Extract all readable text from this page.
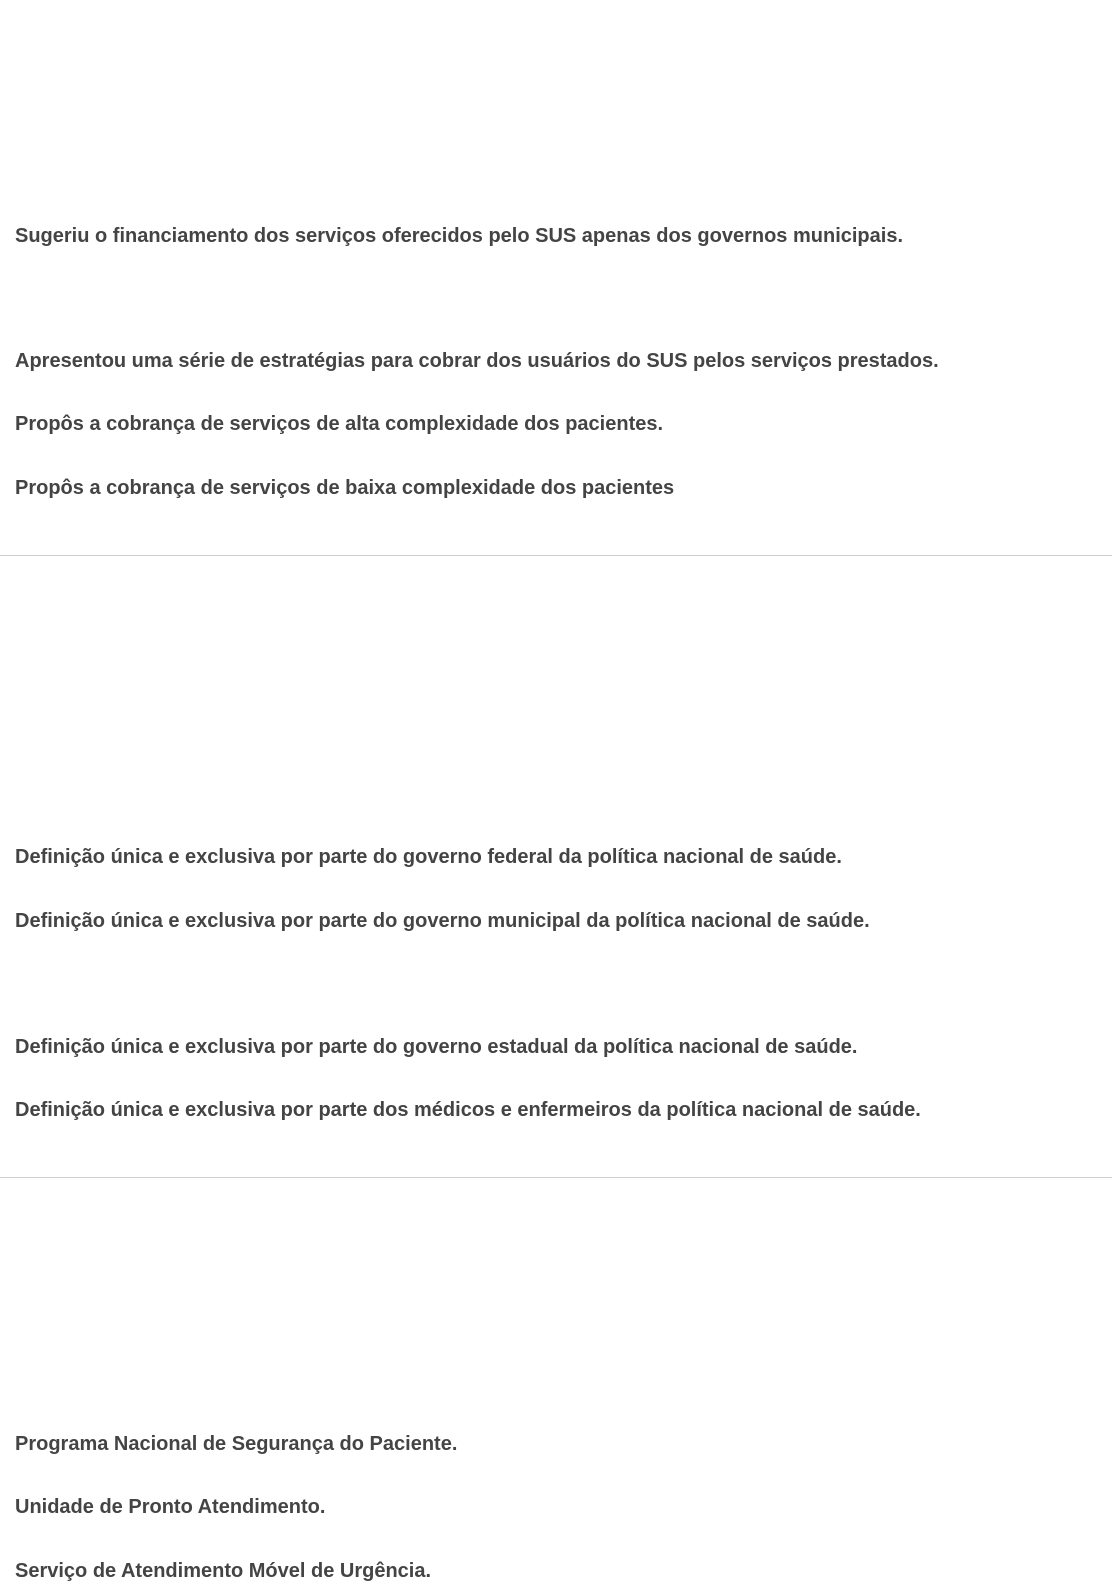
Sugeriu o financiamento dos serviços oferecidos pelo SUS apenas dos governos municipais.

Apresentou uma série de estratégias para cobrar dos usuários do SUS pelos serviços prestados.

Propôs a cobrança de serviços de alta complexidade dos pacientes.

Propôs a cobrança de serviços de baixa complexidade dos pacientes

Definição única e exclusiva por parte do governo federal da política nacional de saúde.

Definição única e exclusiva por parte do governo municipal da política nacional de saúde.

Definição única e exclusiva por parte do governo estadual da política nacional de saúde.

Definição única e exclusiva por parte dos médicos e enfermeiros da política nacional de saúde.

Programa Nacional de Segurança do Paciente.

Unidade de Pronto Atendimento.

Serviço de Atendimento Móvel de Urgência.
